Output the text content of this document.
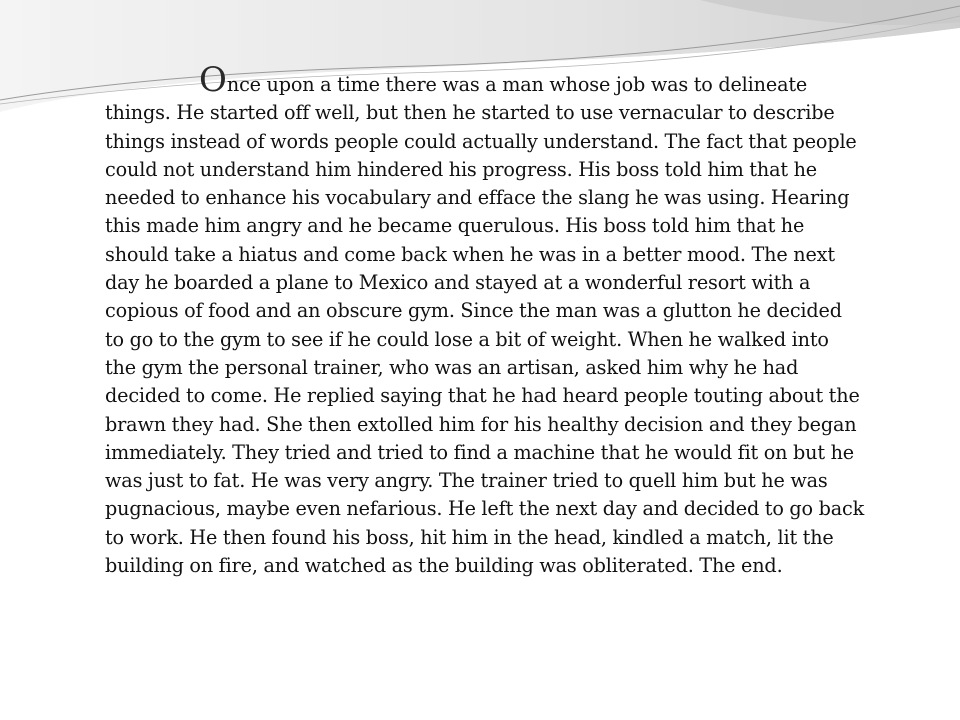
Once upon a time there was a man whose job was to delineate things. He started off well, but then he started to use vernacular to describe things instead of words people could actually understand. The fact that people could not understand him hindered his progress. His boss told him that he needed to enhance his vocabulary and efface the slang he was using. Hearing this made him angry and he became querulous. His boss told him that he should take a hiatus and come back when he was in a better mood. The next day he boarded a plane to Mexico and stayed at a wonderful resort with a copious of food and an obscure gym. Since the man was a glutton he decided to go to the gym to see if he could lose a bit of weight. When he walked into the gym the personal trainer, who was an artisan, asked him why he had decided to come. He replied saying that he had heard people touting about the brawn they had. She then extolled him for his healthy decision and they began immediately. They tried and tried to find a machine that he would fit on but he was just to fat. He was very angry. The trainer tried to quell him but he was pugnacious, maybe even nefarious. He left the next day and decided to go back to work. He then found his boss, hit him in the head, kindled a match, lit the building on fire, and watched as the building was obliterated. The end.
